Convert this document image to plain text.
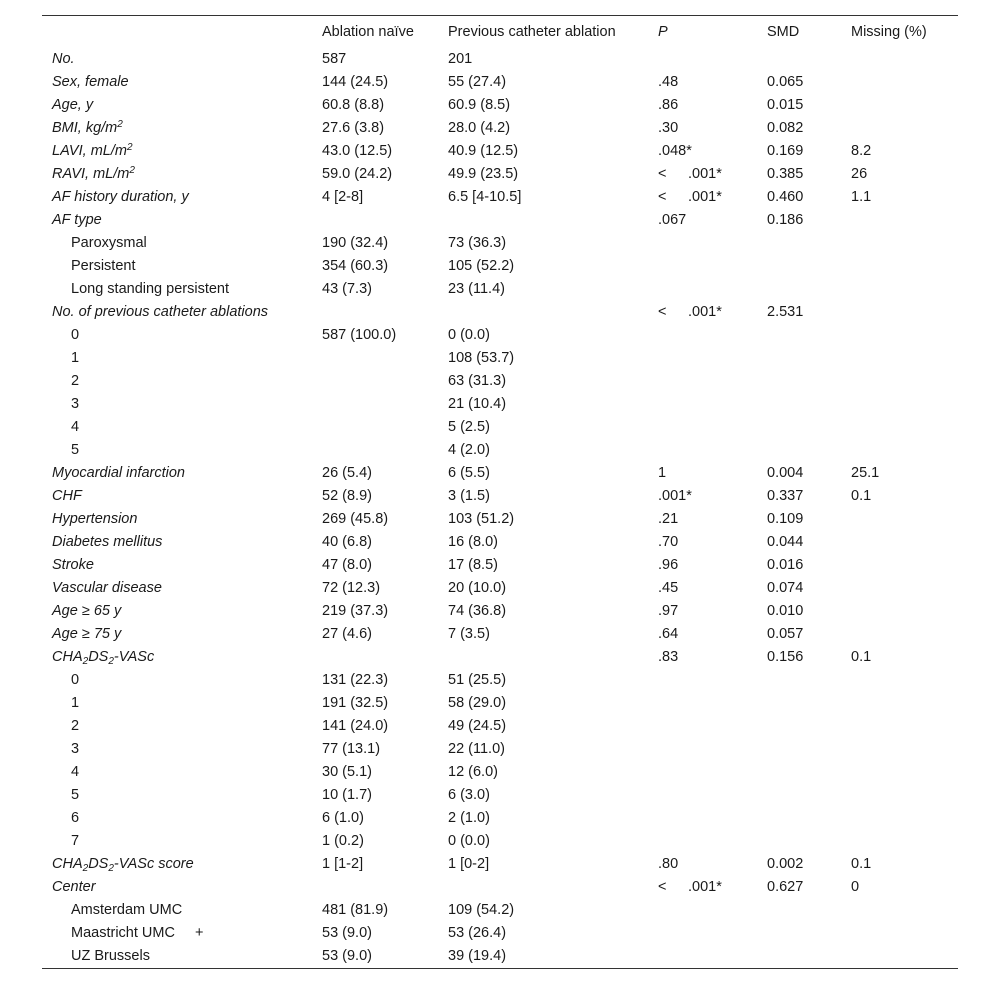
	Ablation naïve	Previous catheter ablation	P	SMD	Missing (%)
No.	587	201			
Sex, female	144 (24.5)	55 (27.4)	.48	0.065	
Age, y	60.8 (8.8)	60.9 (8.5)	.86	0.015	
BMI, $kg/m^2$	27.6 (3.8)	28.0 (4.2)	.30	0.082	
LAVI, $mL/m^2$	43.0 (12.5)	40.9 (12.5)	.048*	0.169	8.2
RAVI, $mL/m^2$	59.0 (24.2)	49.9 (23.5)	< .001*	0.385	26
AF history duration, y	4 [2-8]	6.5 [4-10.5]	< .001*	0.460	1.1
AF type			.067	0.186	
Paroxysmal	190 (32.4)	73 (36.3)			
Persistent	354 (60.3)	105 (52.2)			
Long standing persistent	43 (7.3)	23 (11.4)			
No. of previous catheter ablations			< .001*	2.531	
0	587 (100.0)	0 (0.0)			
1		108 (53.7)			
2		63 (31.3)			
3		21 (10.4)			
4		5 (2.5)			
5		4 (2.0)			
Myocardial infarction	26 (5.4)	6 (5.5)	1	0.004	25.1
CHF	52 (8.9)	3 (1.5)	.001*	0.337	0.1
Hypertension	269 (45.8)	103 (51.2)	.21	0.109	
Diabetes mellitus	40 (6.8)	16 (8.0)	.70	0.044	
Stroke	47 (8.0)	17 (8.5)	.96	0.016	
Vascular disease	72 (12.3)	20 (10.0)	.45	0.074	
Age ≥ 65 y	219 (37.3)	74 (36.8)	.97	0.010	
Age ≥ 75 y	27 (4.6)	7 (3.5)	.64	0.057	
$CHA_2DS_2$-VASc			.83	0.156	0.1
0	131 (22.3)	51 (25.5)			
1	191 (32.5)	58 (29.0)			
2	141 (24.0)	49 (24.5)			
3	77 (13.1)	22 (11.0)			
4	30 (5.1)	12 (6.0)			
5	10 (1.7)	6 (3.0)			
6	6 (1.0)	2 (1.0)			
7	1 (0.2)	0 (0.0)			
$CHA_2DS_2$-VASc score	1 [1-2]	1 [0-2]	.80	0.002	0.1
Center			< .001*	0.627	0
Amsterdam UMC	481 (81.9)	109 (54.2)			
Maastricht UMC +	53 (9.0)	53 (26.4)			
UZ Brussels	53 (9.0)	39 (19.4)			
